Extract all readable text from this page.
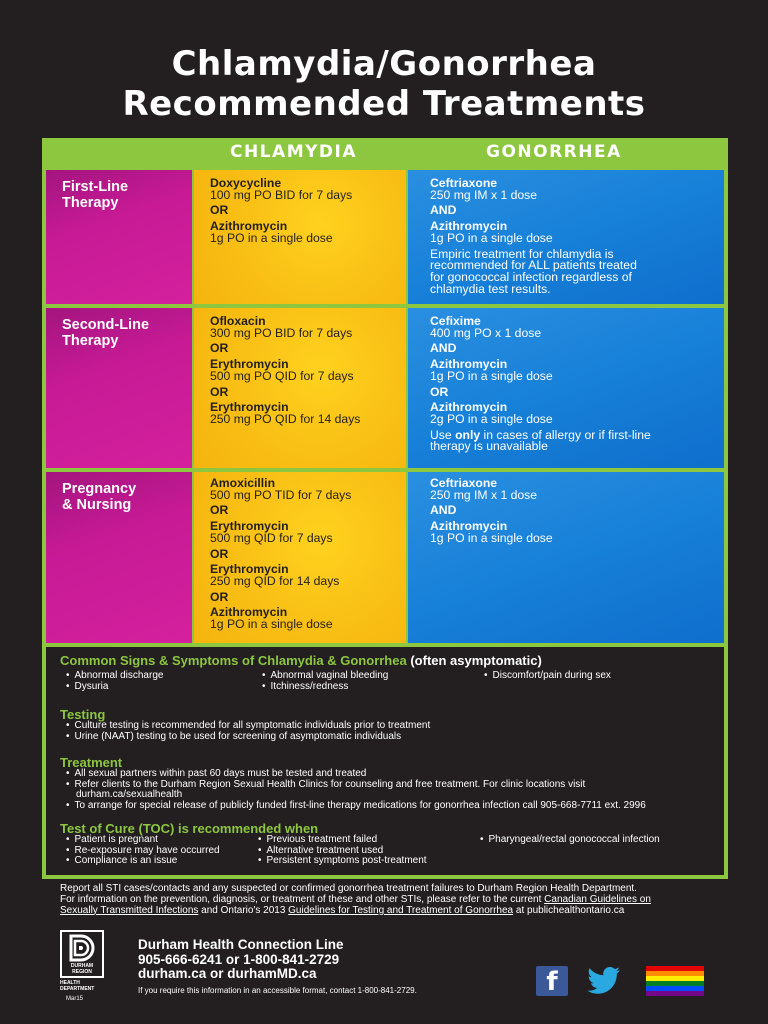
Chlamydia/Gonorrhea
Recommended Treatments
CHLAMYDIA	GONORRHEA
First-Line
Therapy
Doxycycline
100 mg PO BID for 7 days
OR
Azithromycin
1g PO in a single dose
Ceftriaxone
250 mg IM x 1 dose
AND
Azithromycin
1g PO in a single dose
Empiric treatment for chlamydia is
recommended for ALL patients treated
for gonococcal infection regardless of
chlamydia test results.
Second-Line
Therapy
Ofloxacin
300 mg PO BID for 7 days
OR
Erythromycin
500 mg PO QID for 7 days
OR
Erythromycin
250 mg PO QID for 14 days
Cefixime
400 mg PO x 1 dose
AND
Azithromycin
1g PO in a single dose
OR
Azithromycin
2g PO in a single dose
Use only in cases of allergy or if first-line
therapy is unavailable
Pregnancy
& Nursing
Amoxicillin
500 mg PO TID for 7 days
OR
Erythromycin
500 mg QID for 7 days
OR
Erythromycin
250 mg QID for 14 days
OR
Azithromycin
1g PO in a single dose
Ceftriaxone
250 mg IM x 1 dose
AND
Azithromycin
1g PO in a single dose
Common Signs & Symptoms of Chlamydia & Gonorrhea (often asymptomatic)
• Abnormal discharge
• Dysuria
• Abnormal vaginal bleeding
• Itchiness/redness
• Discomfort/pain during sex
Testing
• Culture testing is recommended for all symptomatic individuals prior to treatment
• Urine (NAAT) testing to be used for screening of asymptomatic individuals
Treatment
• All sexual partners within past 60 days must be tested and treated
• Refer clients to the Durham Region Sexual Health Clinics for counseling and free treatment. For clinic locations visit
durham.ca/sexualhealth
• To arrange for special release of publicly funded first-line therapy medications for gonorrhea infection call 905-668-7711 ext. 2996
Test of Cure (TOC) is recommended when
• Patient is pregnant
• Re-exposure may have occurred
• Compliance is an issue
• Previous treatment failed
• Alternative treatment used
• Persistent symptoms post-treatment
• Pharyngeal/rectal gonococcal infection
Report all STI cases/contacts and any suspected or confirmed gonorrhea treatment failures to Durham Region Health Department.
For information on the prevention, diagnosis, or treatment of these and other STIs, please refer to the current Canadian Guidelines on
Sexually Transmitted Infections and Ontario's 2013 Guidelines for Testing and Treatment of Gonorrhea at publichealthontario.ca
DURHAM
REGION
HEALTH
DEPARTMENT
Mar15
Durham Health Connection Line
905-666-6241 or 1-800-841-2729
durham.ca or durhamMD.ca
If you require this information in an accessible format, contact 1-800-841-2729.	f
